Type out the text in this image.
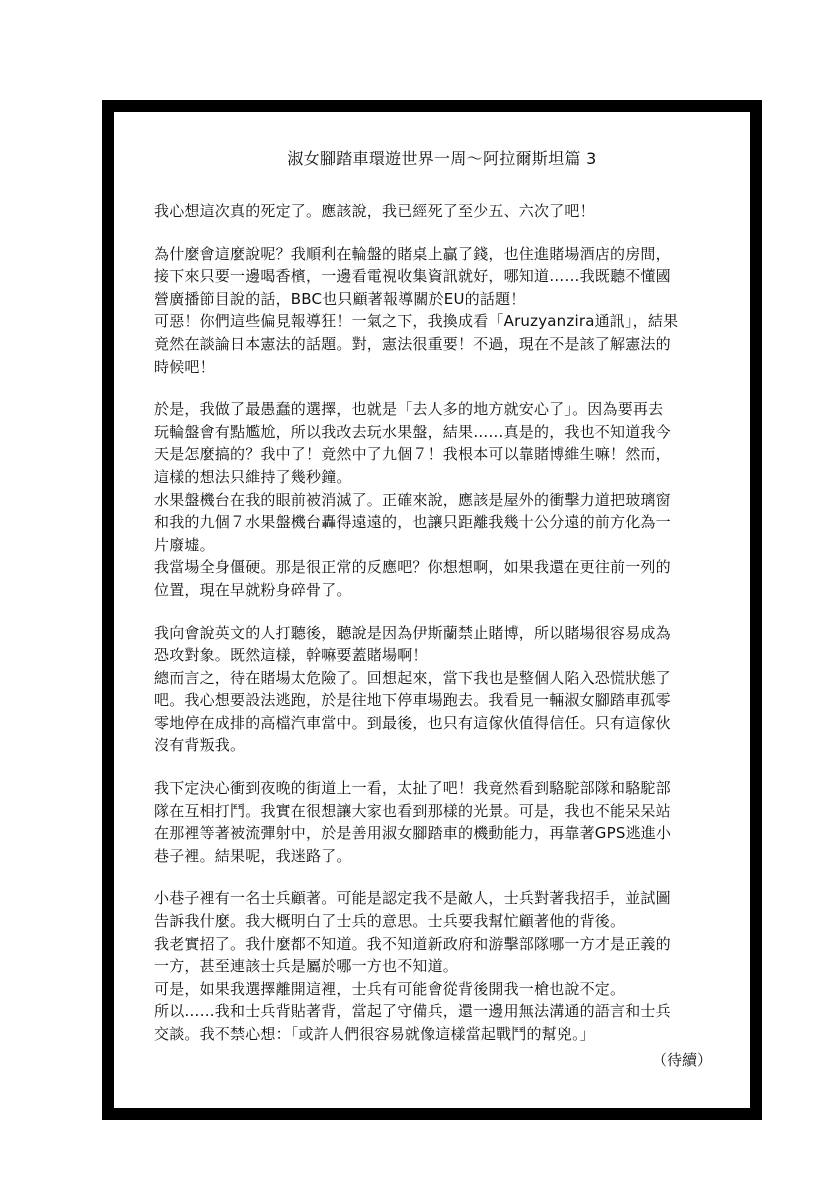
淑女腳踏車環遊世界一周～阿拉爾斯坦篇 3
我心想這次真的死定了。應該說，我已經死了至少五、六次了吧！
為什麼會這麼說呢？我順利在輪盤的賭桌上贏了錢，也住進賭場酒店的房間，
接下來只要一邊喝香檳，一邊看電視收集資訊就好，哪知道……我既聽不懂國
營廣播節目說的話，BBC也只顧著報導關於EU的話題！
可惡！你們這些偏見報導狂！一氣之下，我換成看「Aruzyanzira通訊」，結果
竟然在談論日本憲法的話題。對，憲法很重要！不過，現在不是該了解憲法的
時候吧！
於是，我做了最愚蠢的選擇，也就是「去人多的地方就安心了」。因為要再去
玩輪盤會有點尷尬，所以我改去玩水果盤，結果……真是的，我也不知道我今
天是怎麼搞的？我中了！竟然中了九個７！我根本可以靠賭博維生嘛！然而，
這樣的想法只維持了幾秒鐘。
水果盤機台在我的眼前被消滅了。正確來說，應該是屋外的衝擊力道把玻璃窗
和我的九個７水果盤機台轟得遠遠的，也讓只距離我幾十公分遠的前方化為一
片廢墟。
我當場全身僵硬。那是很正常的反應吧？你想想啊，如果我還在更往前一列的
位置，現在早就粉身碎骨了。
我向會說英文的人打聽後，聽說是因為伊斯蘭禁止賭博，所以賭場很容易成為
恐攻對象。既然這樣，幹嘛要蓋賭場啊！
總而言之，待在賭場太危險了。回想起來，當下我也是整個人陷入恐慌狀態了
吧。我心想要設法逃跑，於是往地下停車場跑去。我看見一輛淑女腳踏車孤零
零地停在成排的高檔汽車當中。到最後，也只有這傢伙值得信任。只有這傢伙
沒有背叛我。
我下定決心衝到夜晚的街道上一看，太扯了吧！我竟然看到駱駝部隊和駱駝部
隊在互相打鬥。我實在很想讓大家也看到那樣的光景。可是，我也不能呆呆站
在那裡等著被流彈射中，於是善用淑女腳踏車的機動能力，再靠著GPS逃進小
巷子裡。結果呢，我迷路了。
小巷子裡有一名士兵顧著。可能是認定我不是敵人，士兵對著我招手，並試圖
告訴我什麼。我大概明白了士兵的意思。士兵要我幫忙顧著他的背後。
我老實招了。我什麼都不知道。我不知道新政府和游擊部隊哪一方才是正義的
一方，甚至連該士兵是屬於哪一方也不知道。
可是，如果我選擇離開這裡，士兵有可能會從背後開我一槍也說不定。
所以……我和士兵背貼著背，當起了守備兵，還一邊用無法溝通的語言和士兵
交談。我不禁心想：「或許人們很容易就像這樣當起戰鬥的幫兇。」
（待續）
